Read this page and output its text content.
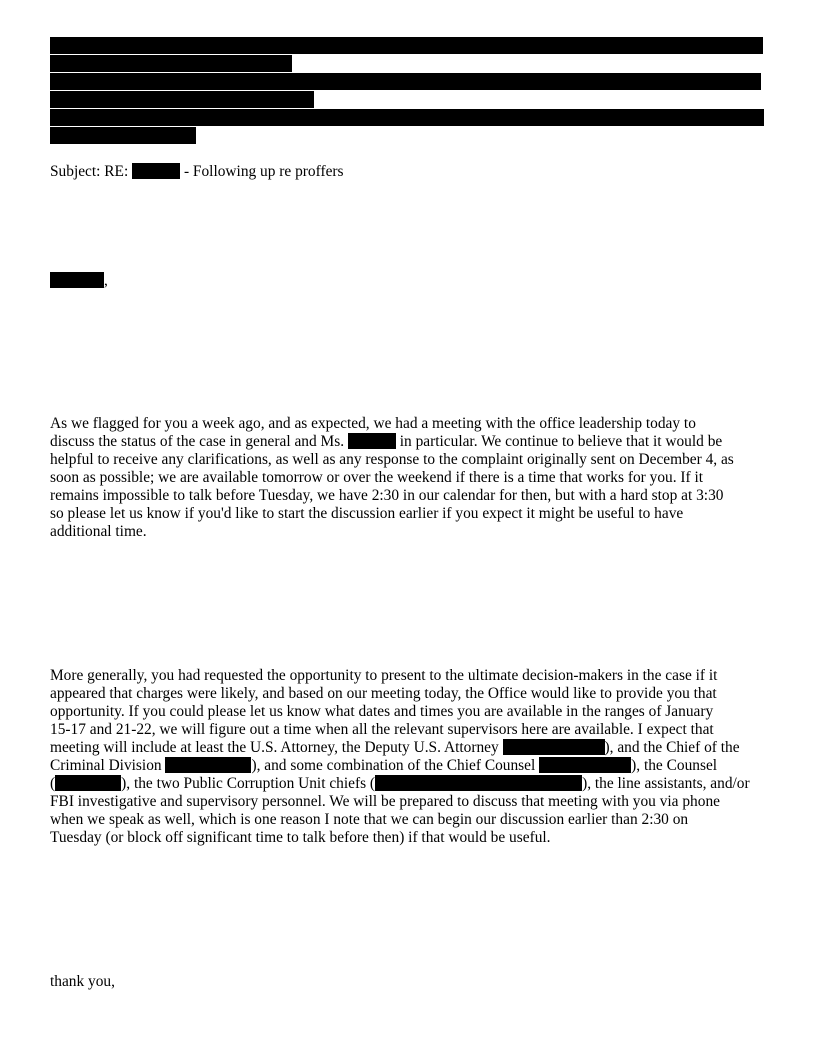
Subject: RE:	- Following up re proffers
,
As we flagged for you a week ago, and as expected, we had a meeting with the office leadership today to
discuss the status of the case in general and Ms.	in particular. We continue to believe that it would be
helpful to receive any clarifications, as well as any response to the complaint originally sent on December 4, as
soon as possible; we are available tomorrow or over the weekend if there is a time that works for you. If it
remains impossible to talk before Tuesday, we have 2:30 in our calendar for then, but with a hard stop at 3:30
so please let us know if you'd like to start the discussion earlier if you expect it might be useful to have
additional time.
More generally, you had requested the opportunity to present to the ultimate decision-makers in the case if it
appeared that charges were likely, and based on our meeting today, the Office would like to provide you that
opportunity. If you could please let us know what dates and times you are available in the ranges of January
15-17 and 21-22, we will figure out a time when all the relevant supervisors here are available. I expect that
meeting will include at least the U.S. Attorney, the Deputy U.S. Attorney	), and the Chief of the
Criminal Division	), and some combination of the Chief Counsel	), the Counsel
(	), the two Public Corruption Unit chiefs (	), the line assistants, and/or
FBI investigative and supervisory personnel. We will be prepared to discuss that meeting with you via phone
when we speak as well, which is one reason I note that we can begin our discussion earlier than 2:30 on
Tuesday (or block off significant time to talk before then) if that would be useful.
thank you,
